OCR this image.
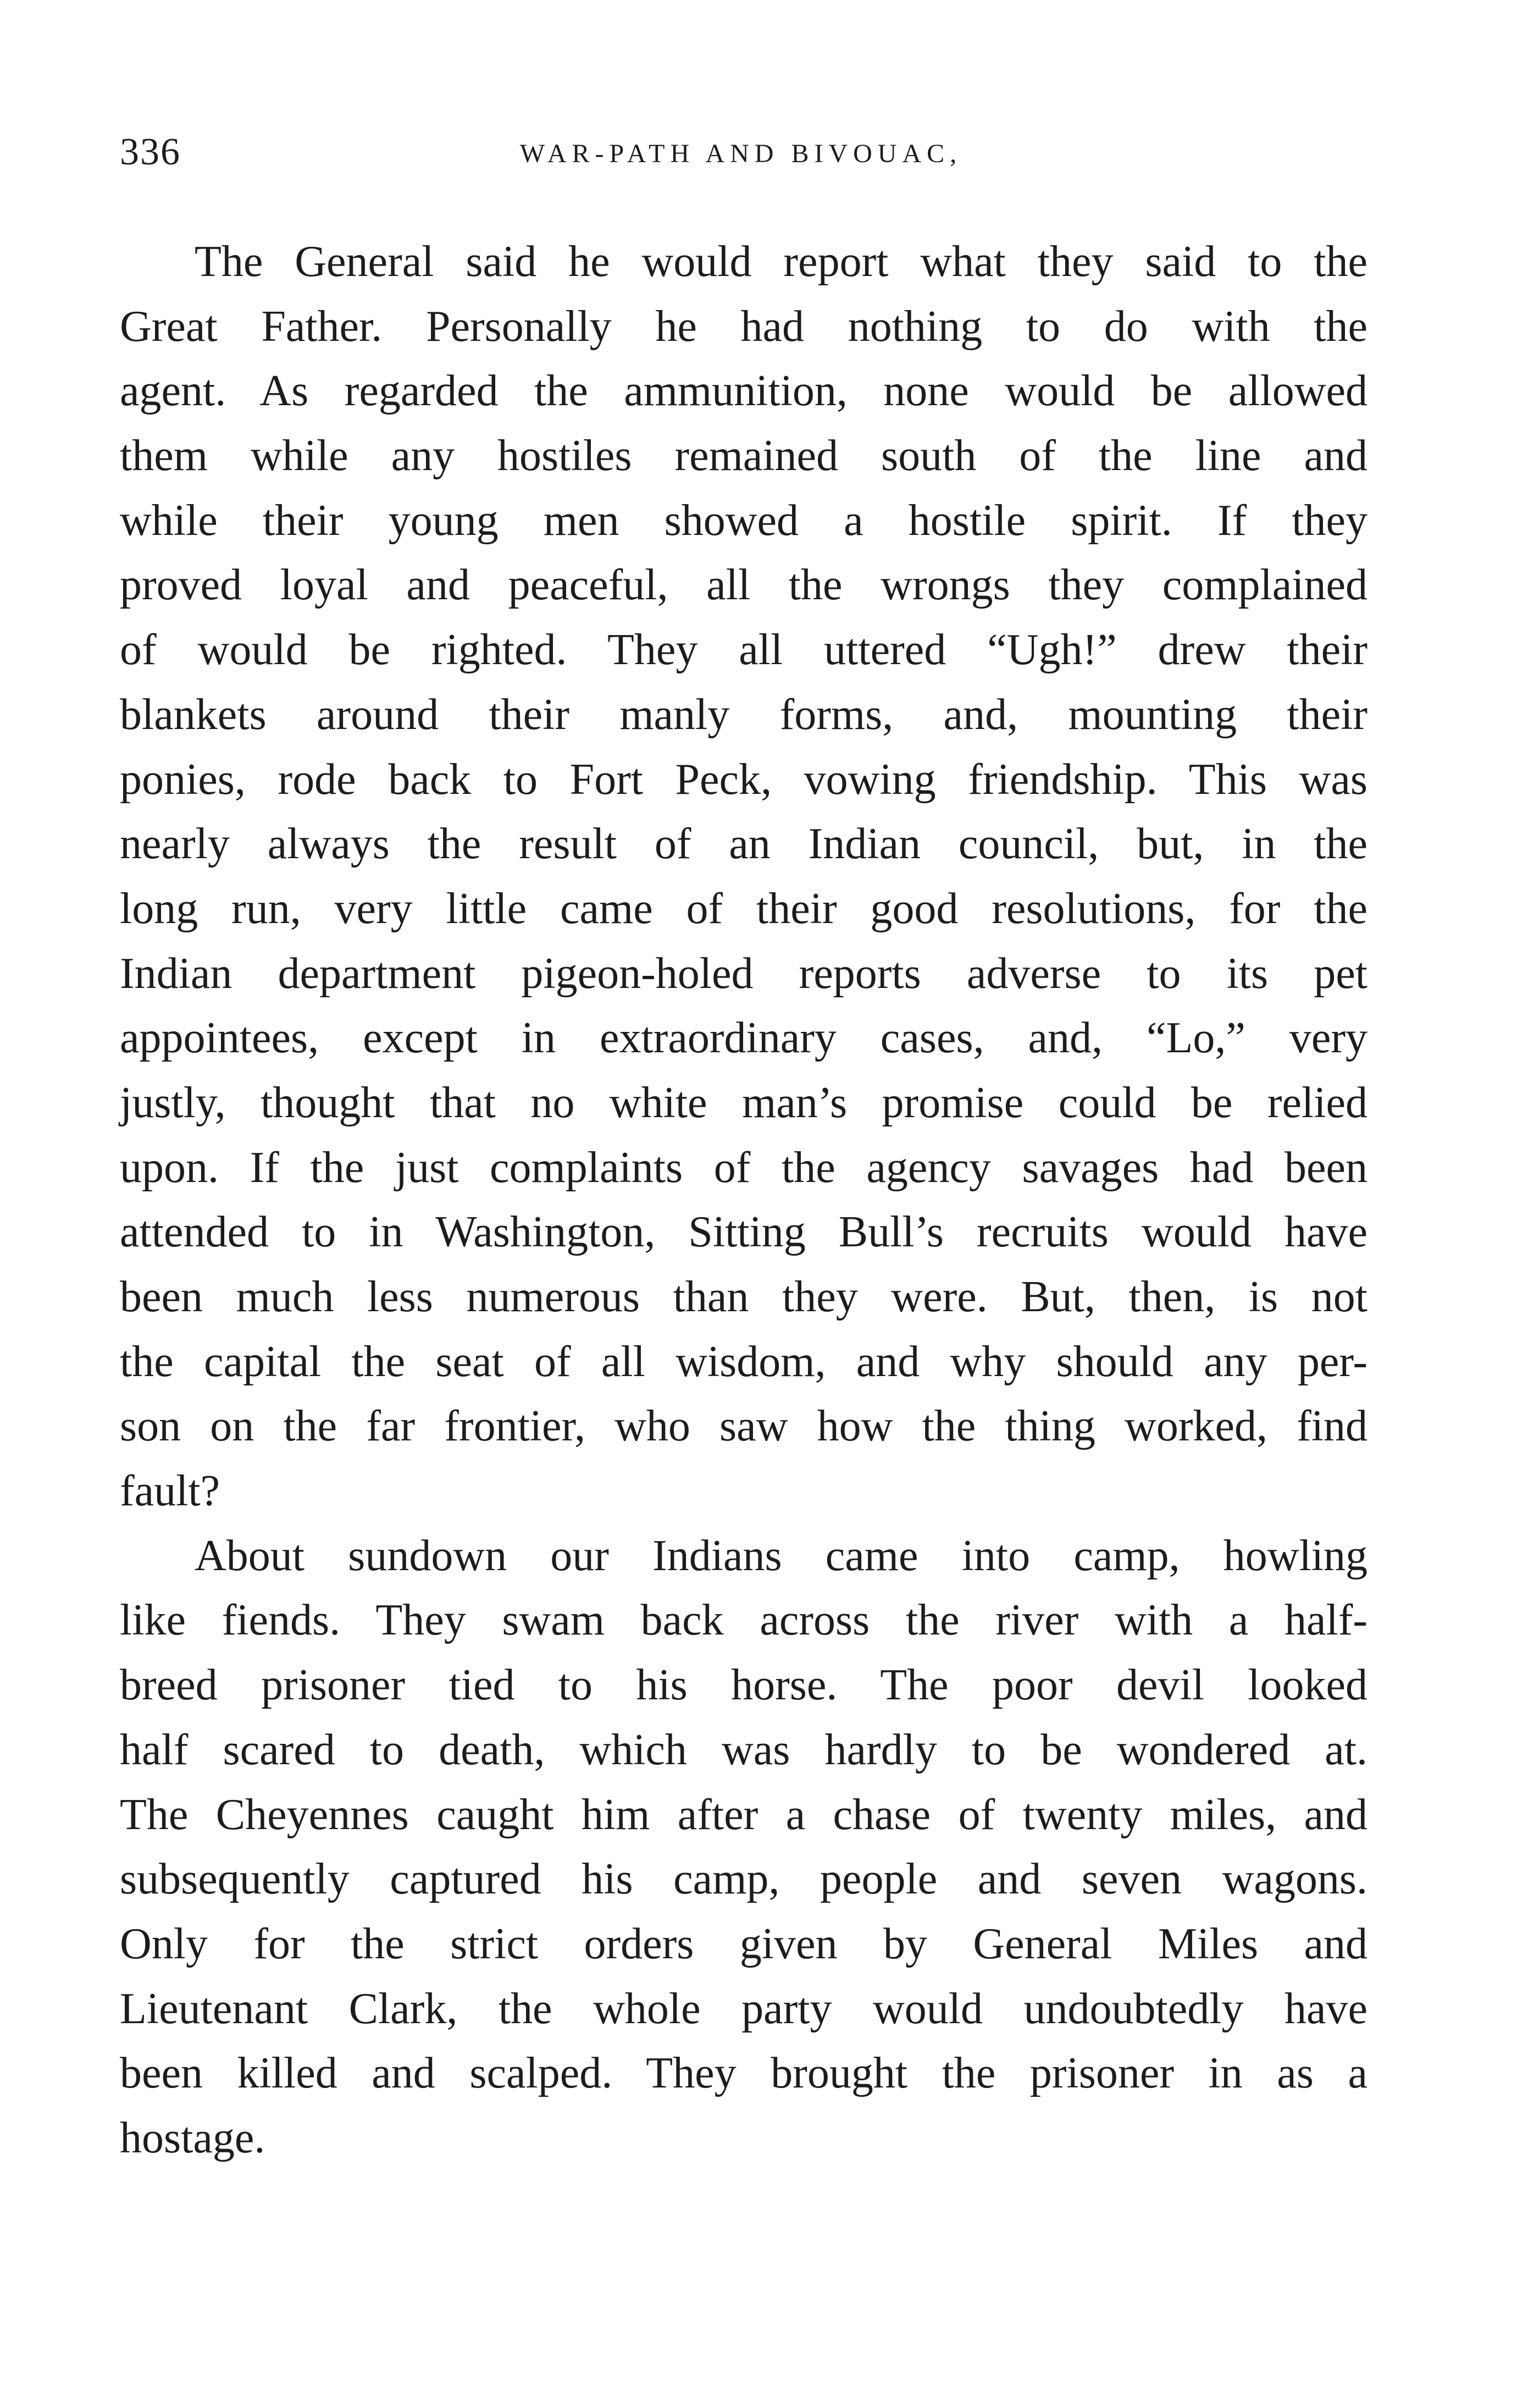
336	WAR-PATH AND BIVOUAC,

The General said he would report what they said to the
Great Father. Personally he had nothing to do with the
agent. As regarded the ammunition, none would be allowed
them while any hostiles remained south of the line and
while their young men showed a hostile spirit. If they
proved loyal and peaceful, all the wrongs they complained
of would be righted. They all uttered “Ugh!” drew their
blankets around their manly forms, and, mounting their
ponies, rode back to Fort Peck, vowing friendship. This was
nearly always the result of an Indian council, but, in the
long run, very little came of their good resolutions, for the
Indian department pigeon-holed reports adverse to its pet
appointees, except in extraordinary cases, and, “Lo,” very
justly, thought that no white man’s promise could be relied
upon. If the just complaints of the agency savages had been
attended to in Washington, Sitting Bull’s recruits would have
been much less numerous than they were. But, then, is not
the capital the seat of all wisdom, and why should any per-
son on the far frontier, who saw how the thing worked, find
fault?

About sundown our Indians came into camp, howling
like fiends. They swam back across the river with a half-
breed prisoner tied to his horse. The poor devil looked
half scared to death, which was hardly to be wondered at.
The Cheyennes caught him after a chase of twenty miles, and
subsequently captured his camp, people and seven wagons.
Only for the strict orders given by General Miles and
Lieutenant Clark, the whole party would undoubtedly have
been killed and scalped. They brought the prisoner in as a
hostage.
